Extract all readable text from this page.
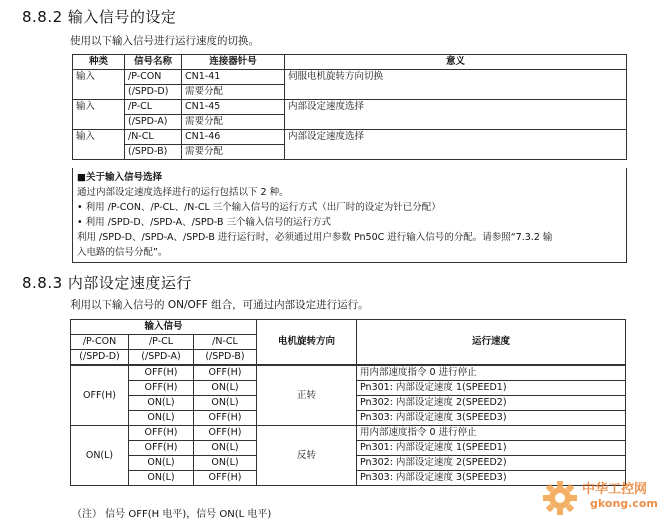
8.8.2 输入信号的设定
使用以下输入信号进行运行速度的切换。
种类	信号名称	连接器针号	意义
输入	/P-CON	CN1-41	伺服电机旋转方向切换
	(/SPD-D)	需要分配	
输入	/P-CL	CN1-45	内部设定速度选择
	(/SPD-A)	需要分配	
输入	/N-CL	CN1-46	内部设定速度选择
	(/SPD-B)	需要分配	
■关于输入信号选择
通过内部设定速度选择进行的运行包括以下 2 种。
• 利用 /P-CON、/P-CL、/N-CL 三个输入信号的运行方式（出厂时的设定为针已分配）
• 利用 /SPD-D、/SPD-A、/SPD-B 三个输入信号的运行方式
利用 /SPD-D、/SPD-A、/SPD-B 进行运行时，必须通过用户参数 Pn50C 进行输入信号的分配。请参照“7.3.2 输
入电路的信号分配”。
8.8.3 内部设定速度运行
利用以下输入信号的 ON/OFF 组合，可通过内部设定进行运行。
输入信号			电机旋转方向	运行速度
/P-CON	/P-CL	/N-CL		
(/SPD-D)	(/SPD-A)	(/SPD-B)		
OFF(H)	OFF(H)	OFF(H)	正转	用内部速度指令 0 进行停止
	OFF(H)	ON(L)		Pn301: 内部设定速度 1(SPEED1)
	ON(L)	ON(L)		Pn302: 内部设定速度 2(SPEED2)
	ON(L)	OFF(H)		Pn303: 内部设定速度 3(SPEED3)
ON(L)	OFF(H)	OFF(H)	反转	用内部速度指令 0 进行停止
	OFF(H)	ON(L)		Pn301: 内部设定速度 1(SPEED1)
	ON(L)	ON(L)		Pn302: 内部设定速度 2(SPEED2)
	ON(L)	OFF(H)		Pn303: 内部设定速度 3(SPEED3)
（注） 信号 OFF(H 电平)，信号 ON(L 电平)
中华工控网
gkong.com
